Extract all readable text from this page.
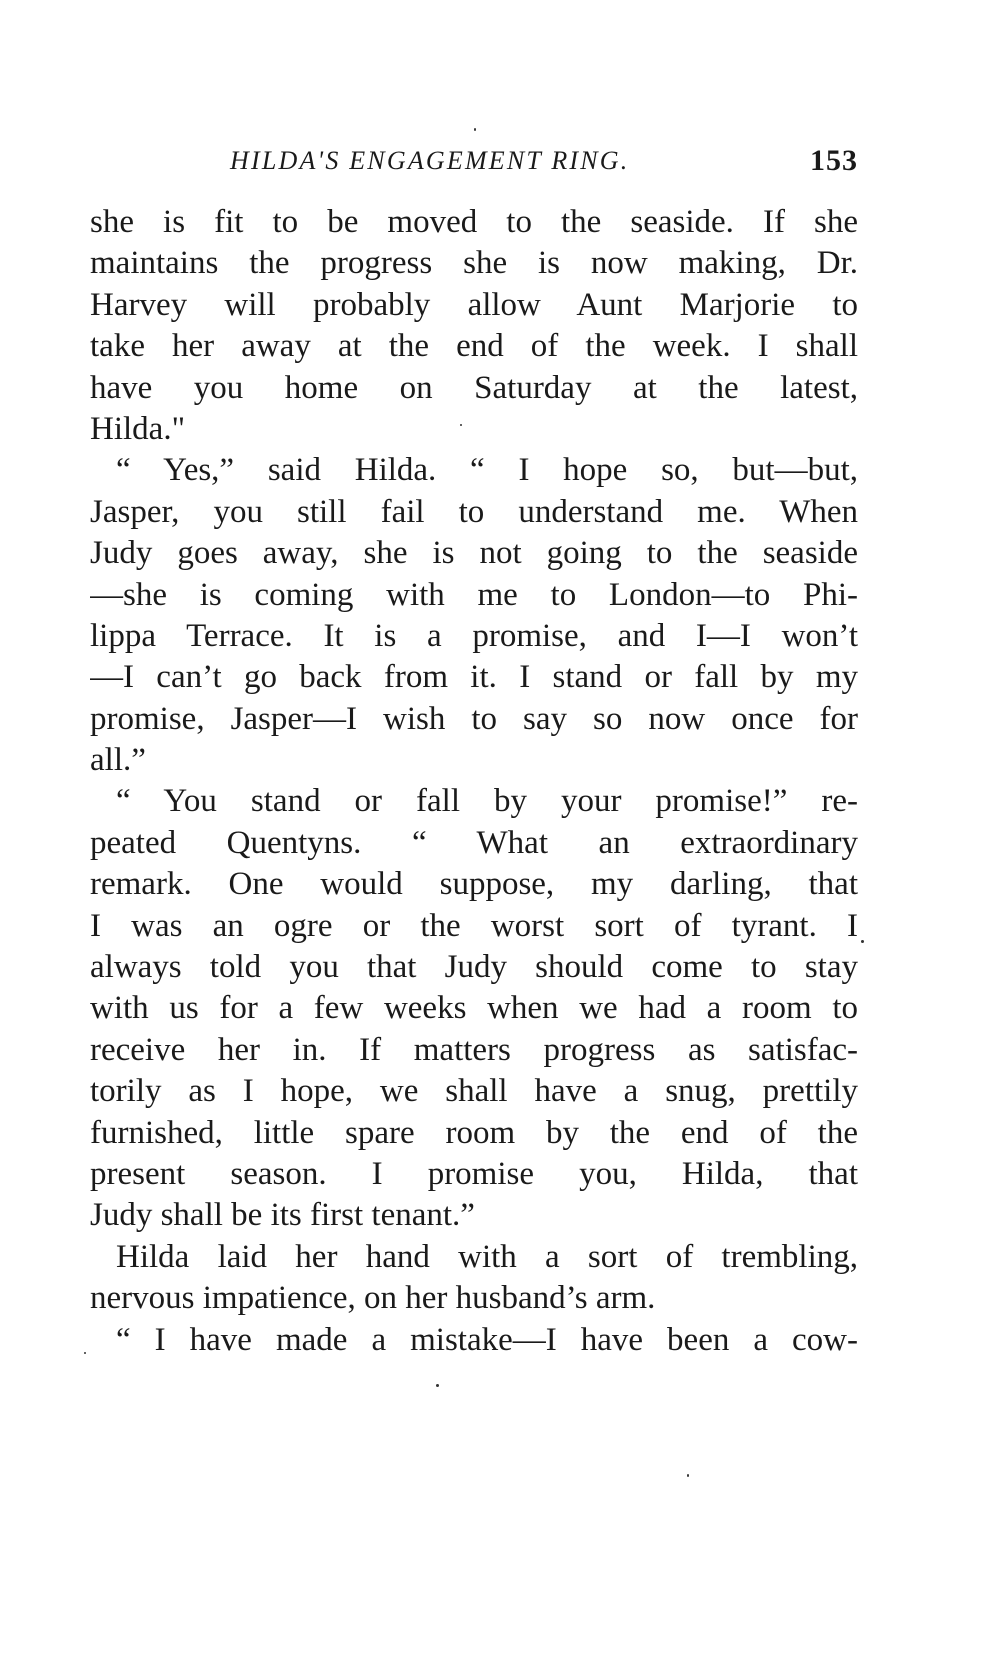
HILDA'S ENGAGEMENT RING.	153
she is fit to be moved to the seaside. If she
maintains the progress she is now making, Dr.
Harvey will probably allow Aunt Marjorie to
take her away at the end of the week. I shall
have you home on Saturday at the latest,
Hilda."
“ Yes,” said Hilda. “ I hope so, but—but,
Jasper, you still fail to understand me. When
Judy goes away, she is not going to the seaside
—she is coming with me to London—to Phi-
lippa Terrace. It is a promise, and I—I won’t
—I can’t go back from it. I stand or fall by my
promise, Jasper—I wish to say so now once for
all.”
“ You stand or fall by your promise!” re-
peated Quentyns. “ What an extraordinary
remark. One would suppose, my darling, that
I was an ogre or the worst sort of tyrant. I
always told you that Judy should come to stay
with us for a few weeks when we had a room to
receive her in. If matters progress as satisfac-
torily as I hope, we shall have a snug, prettily
furnished, little spare room by the end of the
present season. I promise you, Hilda, that
Judy shall be its first tenant.”
Hilda laid her hand with a sort of trembling,
nervous impatience, on her husband’s arm.
“ I have made a mistake—I have been a cow-
